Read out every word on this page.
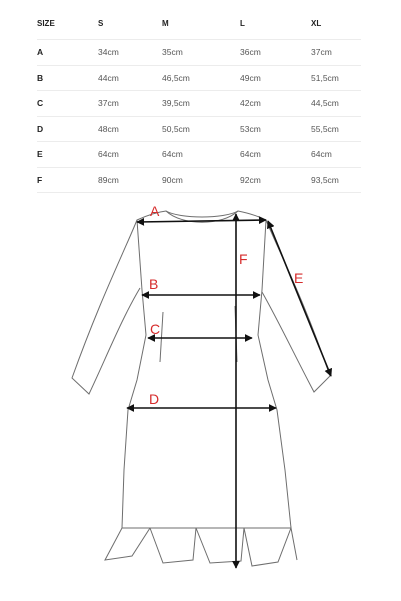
SIZE	S	M	L	XL
A	34cm	35cm	36cm	37cm
B	44cm	46,5cm	49cm	51,5cm
C	37cm	39,5cm	42cm	44,5cm
D	48cm	50,5cm	53cm	55,5cm
E	64cm	64cm	64cm	64cm
F	89cm	90cm	92cm	93,5cm
A
B
C
D
E
F
